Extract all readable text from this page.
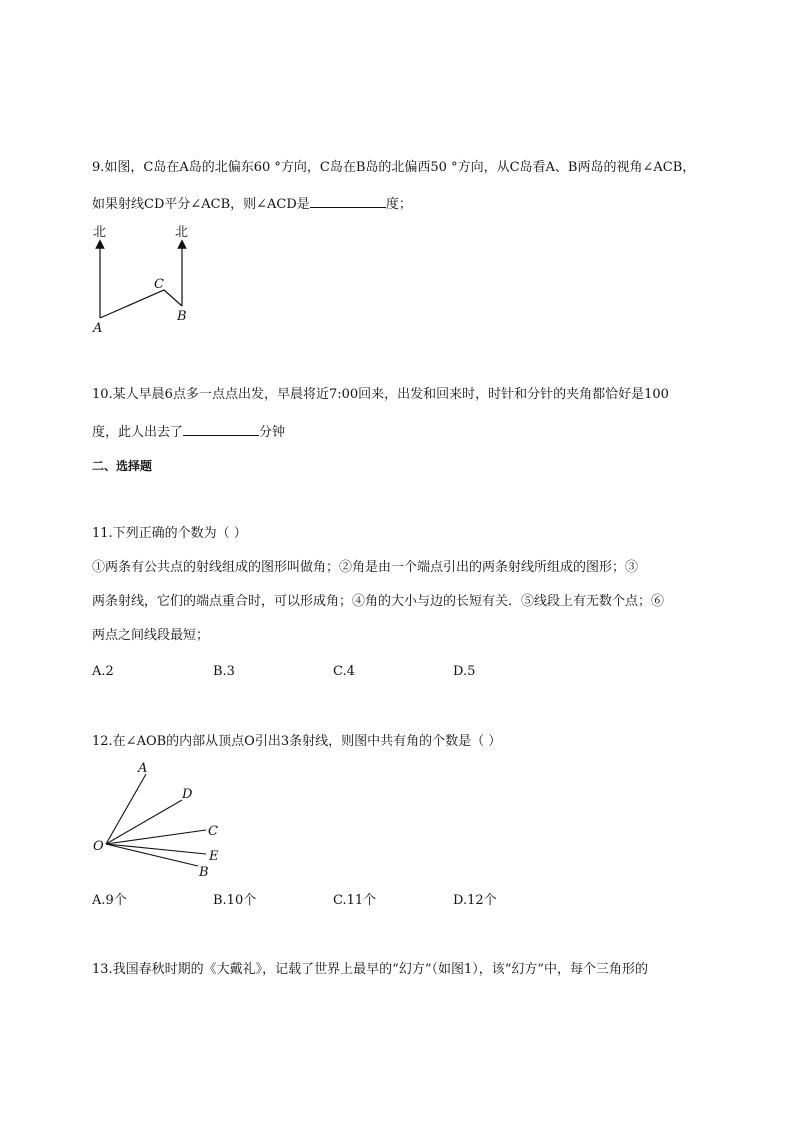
9.如图，C岛在A岛的北偏东60 °方向，C岛在B岛的北偏西50 °方向，从C岛看A、B两岛的视角∠ACB，
如果射线CD平分∠ACB，则∠ACD是	度；
北	北
C
B
A
10.某人早晨6点多一点点出发，早晨将近7:00回来，出发和回来时，时针和分针的夹角都恰好是100
度，此人出去了	分钟
二、选择题
11.下列正确的个数为（ ）
①两条有公共点的射线组成的图形叫做角；②角是由一个端点引出的两条射线所组成的图形；③
两条射线，它们的端点重合时，可以形成角；④角的大小与边的长短有关．⑤线段上有无数个点；⑥
两点之间线段最短；
A.2	B.3	C.4	D.5
12.在∠AOB的内部从顶点O引出3条射线，则图中共有角的个数是（ ）
A
D
C
O
E
B
A.9个	B.10个	C.11个	D.12个
13.我国春秋时期的《大戴礼》，记载了世界上最早的“幻方”（如图1），该“幻方”中，每个三角形的
